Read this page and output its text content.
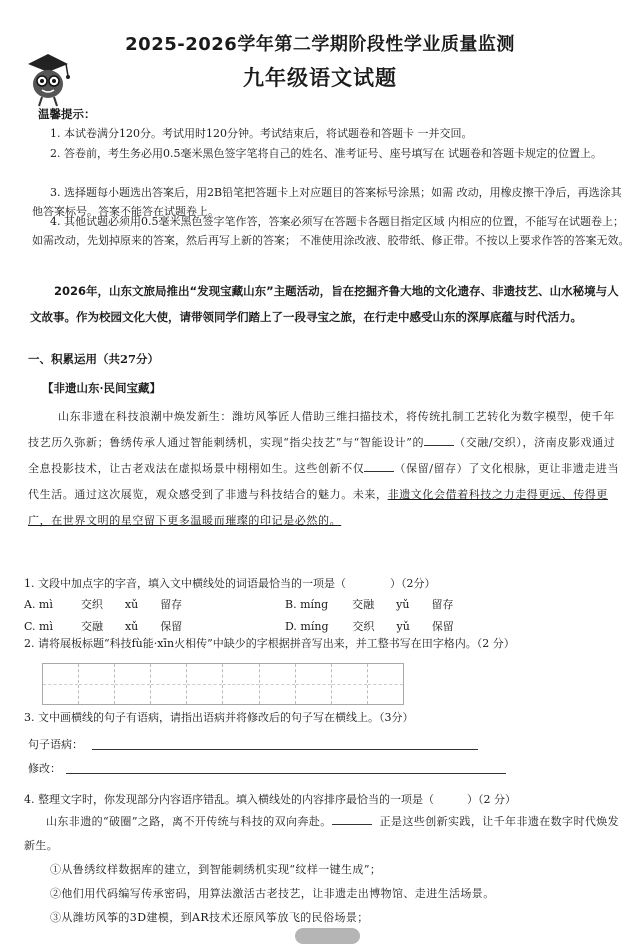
2025-2026学年第二学期阶段性学业质量监测
九年级语文试题
温馨提示：

1. 本试卷满分120分。考试用时120分钟。考试结束后，将试题卷和答题卡 一并交回。

2. 答卷前，考生务必用0.5毫米黑色签字笔将自己的姓名、准考证号、座号填写在 试题卷和答题卡规定的位置上。

3. 选择题每小题选出答案后，用2B铅笔把答题卡上对应题目的答案标号涂黑；如需 改动，用橡皮擦干净后，再选涂其他答案标号。答案不能答在试题卷上。

4. 其他试题必须用0.5毫米黑色签字笔作答，答案必须写在答题卡各题目指定区域 内相应的位置，不能写在试题卷上；如需改动，先划掉原来的答案，然后再写上新的答案； 不准使用涂改液、胶带纸、修正带。不按以上要求作答的答案无效。

2026年，山东文旅局推出“发现宝藏山东”主题活动，旨在挖掘齐鲁大地的文化遗存、非遗技艺、山水秘境与人文故事。作为校园文化大使，请带领同学们踏上了一段寻宝之旅，在行走中感受山东的深厚底蕴与时代活力。
一、积累运用（共27分）
【非遗山东·民间宝藏】
山东非遗在科技浪潮中焕发新生：潍坊风筝匠人借助三维扫描技术，将传统扎制工艺转化为数字模型，使千年技艺历久弥新；鲁绣传承人通过智能刺绣机，实现“指尖技艺”与“智能设计”的	（交融/交织），济南皮影戏通过全息投影技术，让古老戏法在虚拟场景中栩栩如生。这些创新不仅	（保留/留存）了文化根脉，更让非遗走进当代生活。通过这次展览，观众感受到了非遗与科技结合的魅力。未来，非遗文化会借着科技之力走得更远、传得更广，在世界文明的星空留下更多温暖而璀璨的印记是必然的。
1. 文段中加点字的字音，填入文中横线处的词语最恰当的一项是（　　　　）（2分）
A. mì	交织 xǔ 留存	B. míng 交融 yǔ 留存
C. mì	交融 xǔ 保留	D. míng 交织 yǔ 保留
2. 请将展板标题“科技fù能·xīn火相传”中缺少的字根据拼音写出来，并工整书写在田字格内。（2 分）
3. 文中画横线的句子有语病，请指出语病并将修改后的句子写在横线上。（3分）
句子语病：
修改：
4. 整理文字时，你发现部分内容语序错乱。填入横线处的内容排序最恰当的一项是（　　　）（2 分）

山东非遗的“破圈”之路，离不开传统与科技的双向奔赴。	正是这些创新实践，让千年非遗在数字时代焕发新生。

①从鲁绣纹样数据库的建立，到智能刺绣机实现“纹样一键生成”；

②他们用代码编写传承密码，用算法激活古老技艺，让非遗走出博物馆、走进生活场景。

③从潍坊风筝的3D建模，到AR技术还原风筝放飞的民俗场景；
